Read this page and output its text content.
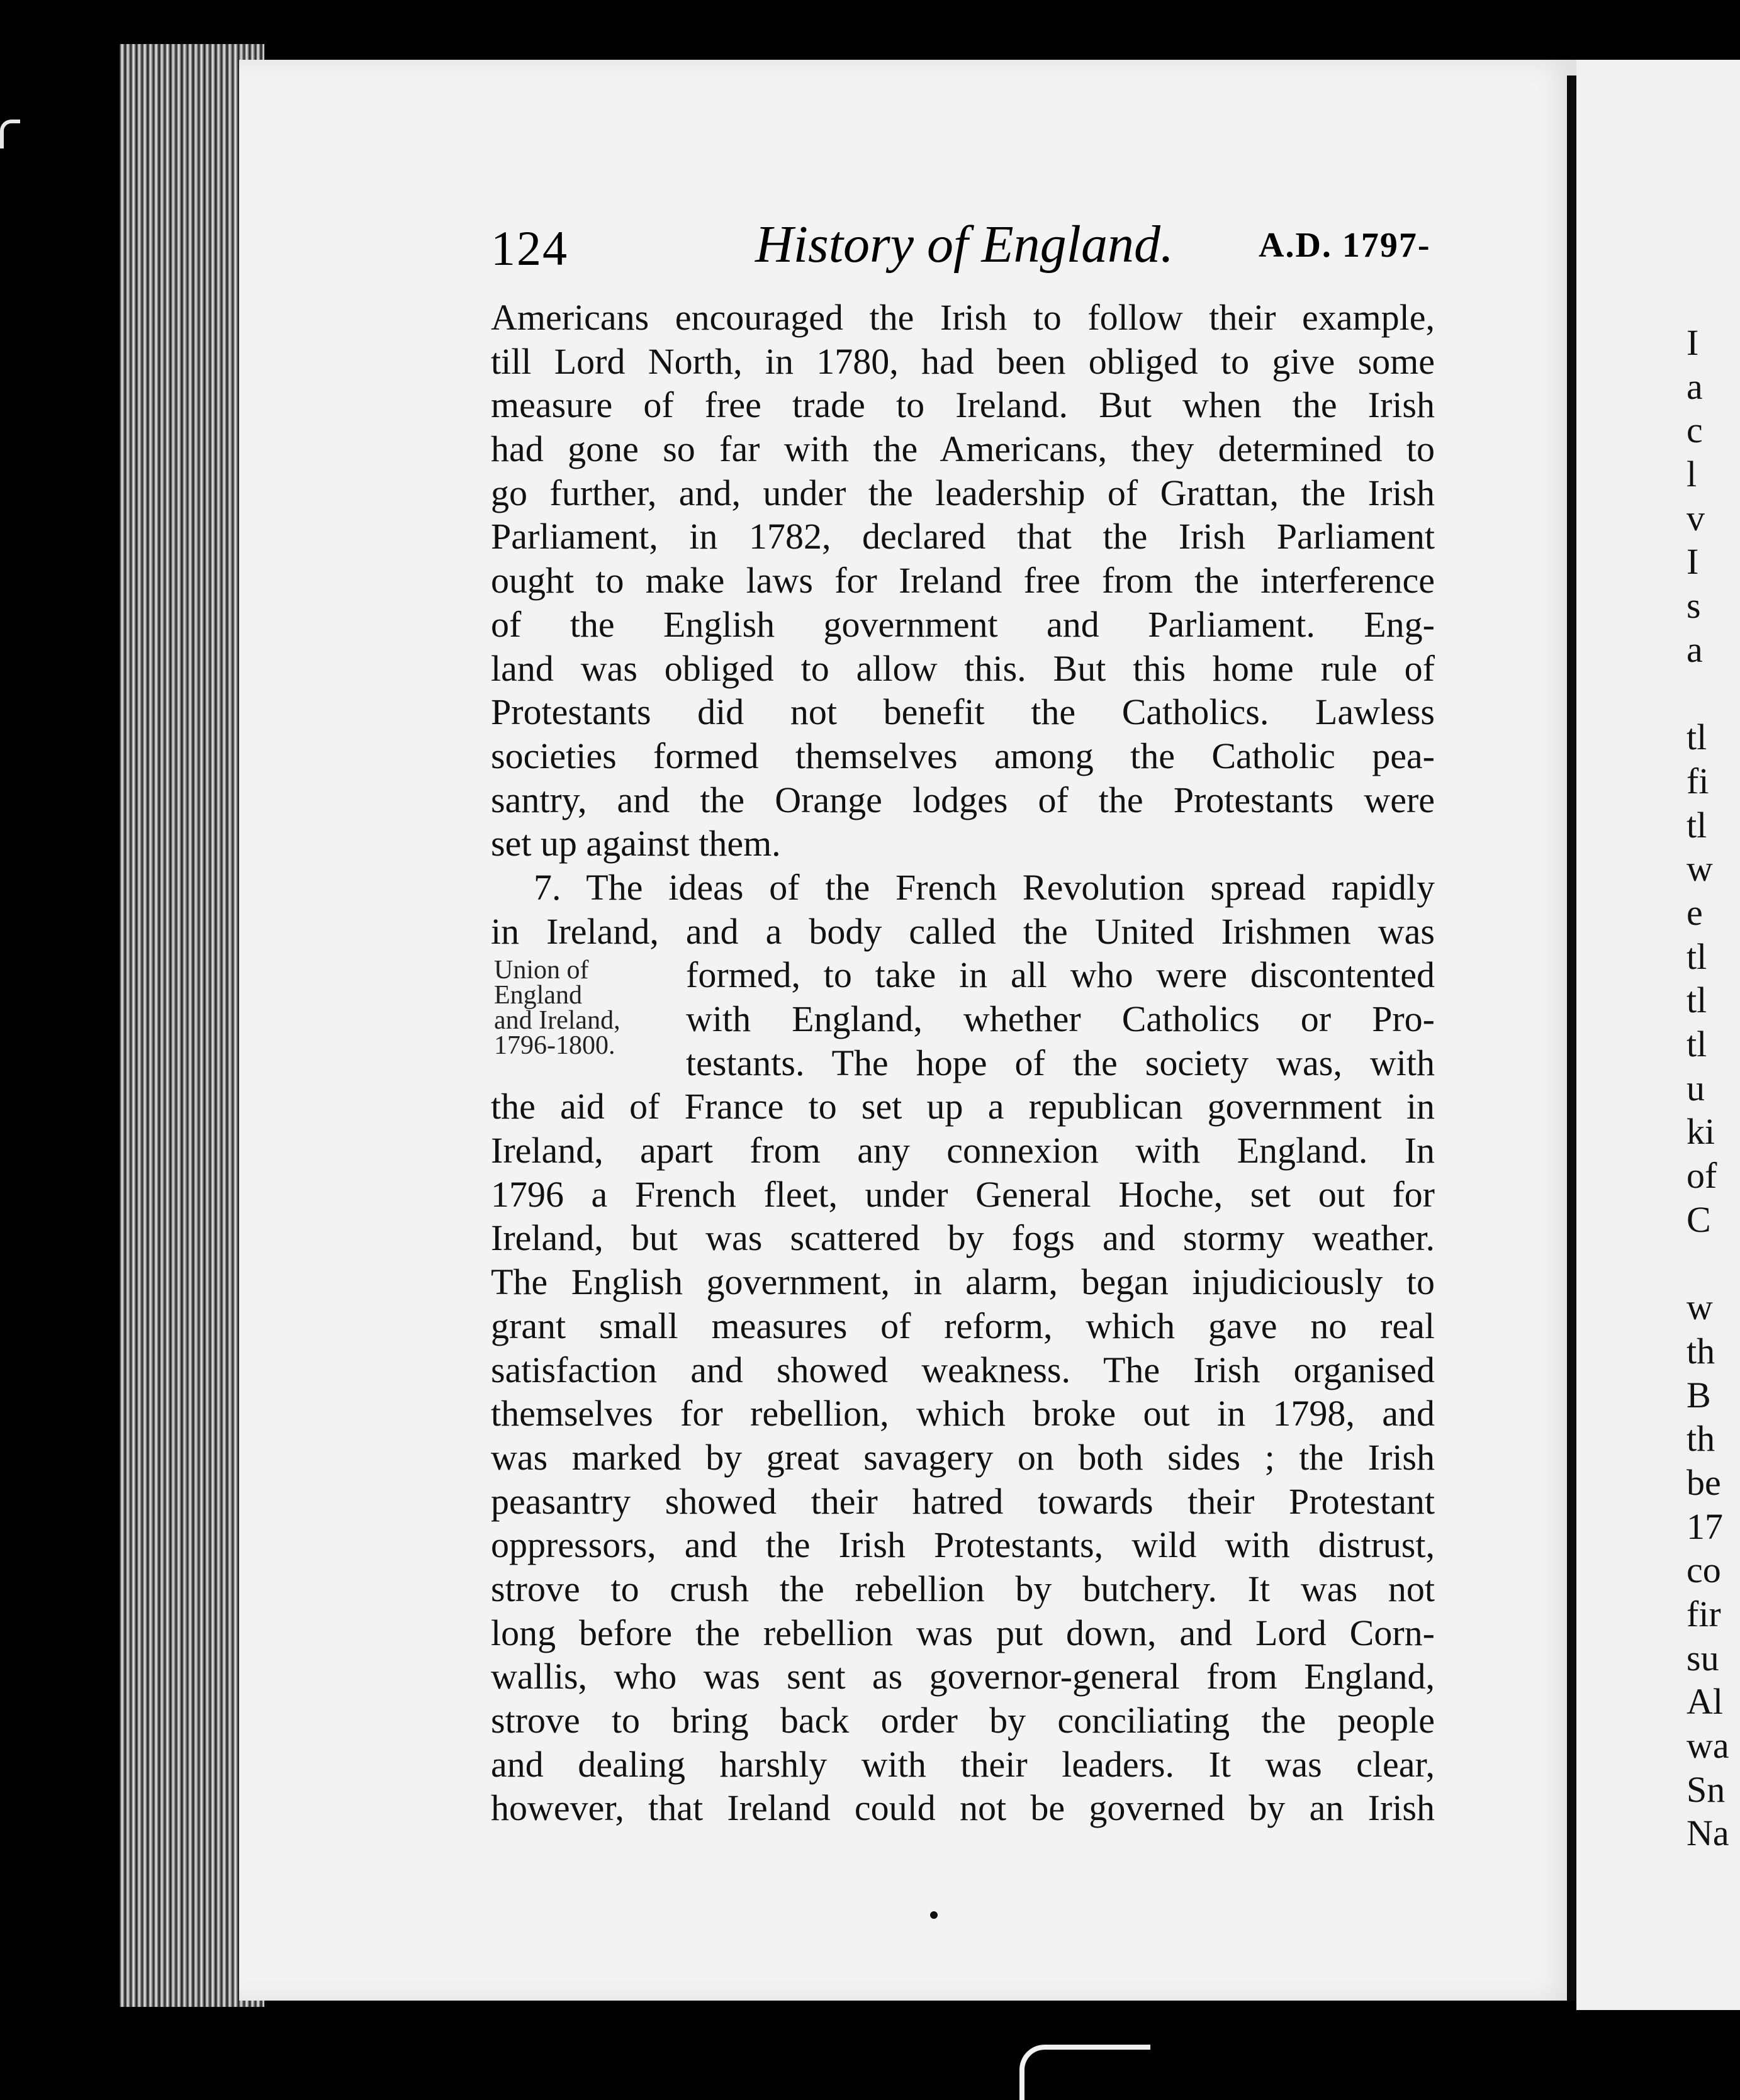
124	History of England. A.D. 1797-
Americans encouraged the Irish to follow their example,
till Lord North, in 1780, had been obliged to give some
measure of free trade to Ireland. But when the Irish
had gone so far with the Americans, they determined to
go further, and, under the leadership of Grattan, the Irish
Parliament, in 1782, declared that the Irish Parliament
ought to make laws for Ireland free from the interference
of the English government and Parliament. Eng-
land was obliged to allow this. But this home rule of
Protestants did not benefit the Catholics. Lawless
societies formed themselves among the Catholic pea-
santry, and the Orange lodges of the Protestants were
set up against them.
7. The ideas of the French Revolution spread rapidly
in Ireland, and a body called the United Irishmen was
formed, to take in all who were discontented
with England, whether Catholics or Pro-
testants. The hope of the society was, with
the aid of France to set up a republican government in
Ireland, apart from any connexion with England. In
1796 a French fleet, under General Hoche, set out for
Ireland, but was scattered by fogs and stormy weather.
The English government, in alarm, began injudiciously to
grant small measures of reform, which gave no real
satisfaction and showed weakness. The Irish organised
themselves for rebellion, which broke out in 1798, and
was marked by great savagery on both sides ; the Irish
peasantry showed their hatred towards their Protestant
oppressors, and the Irish Protestants, wild with distrust,
strove to crush the rebellion by butchery. It was not
long before the rebellion was put down, and Lord Corn-
wallis, who was sent as governor-general from England,
strove to bring back order by conciliating the people
and dealing harshly with their leaders. It was clear,
however, that Ireland could not be governed by an Irish
Union of
England
and Ireland,
1796-1800.
I
a
c
l
v
I
s
a
tl
fi
tl
w
e
tl
tl
tl
u
ki
of
C
w
th
B
th
be
17
co
fir
su
Al
wa
Sn
Na
